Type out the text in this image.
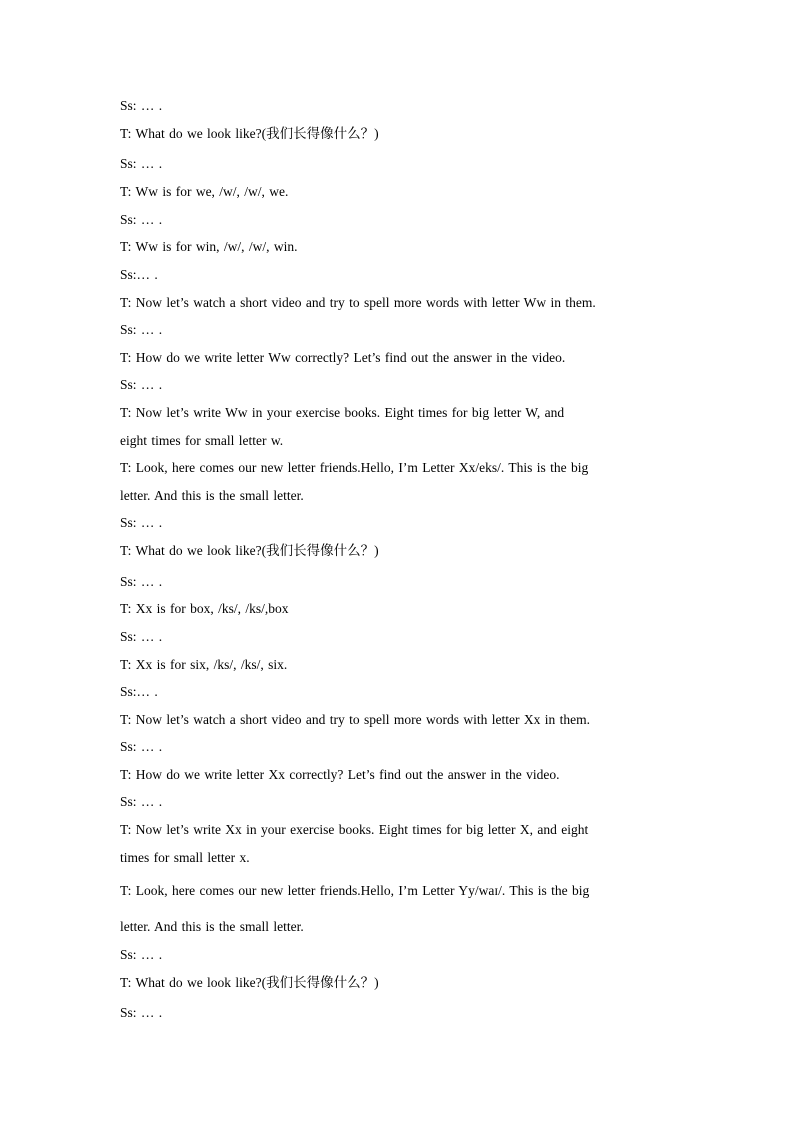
Ss: … .
T: What do we look like?(我们长得像什么？)
Ss: … .
T: Ww is for we, /w/, /w/, we.
Ss: … .
T: Ww is for win, /w/, /w/, win.
Ss:… .
T: Now let’s watch a short video and try to spell more words with letter Ww in them.
Ss: … .
T: How do we write letter Ww correctly? Let’s find out the answer in the video.
Ss: … .
T: Now let’s write Ww in your exercise books. Eight times for big letter W, and
eight times for small letter w.
T: Look, here comes our new letter friends.Hello, I’m Letter Xx/eks/. This is the big
letter. And this is the small letter.
Ss: … .
T: What do we look like?(我们长得像什么？)
Ss: … .
T: Xx is for box, /ks/, /ks/,box
Ss: … .
T: Xx is for six, /ks/, /ks/, six.
Ss:… .
T: Now let’s watch a short video and try to spell more words with letter Xx in them.
Ss: … .
T: How do we write letter Xx correctly? Let’s find out the answer in the video.
Ss: … .
T: Now let’s write Xx in your exercise books. Eight times for big letter X, and eight
times for small letter x.
T: Look, here comes our new letter friends.Hello, I’m Letter Yy/waɪ/. This is the big
letter. And this is the small letter.
Ss: … .
T: What do we look like?(我们长得像什么？)
Ss: … .
